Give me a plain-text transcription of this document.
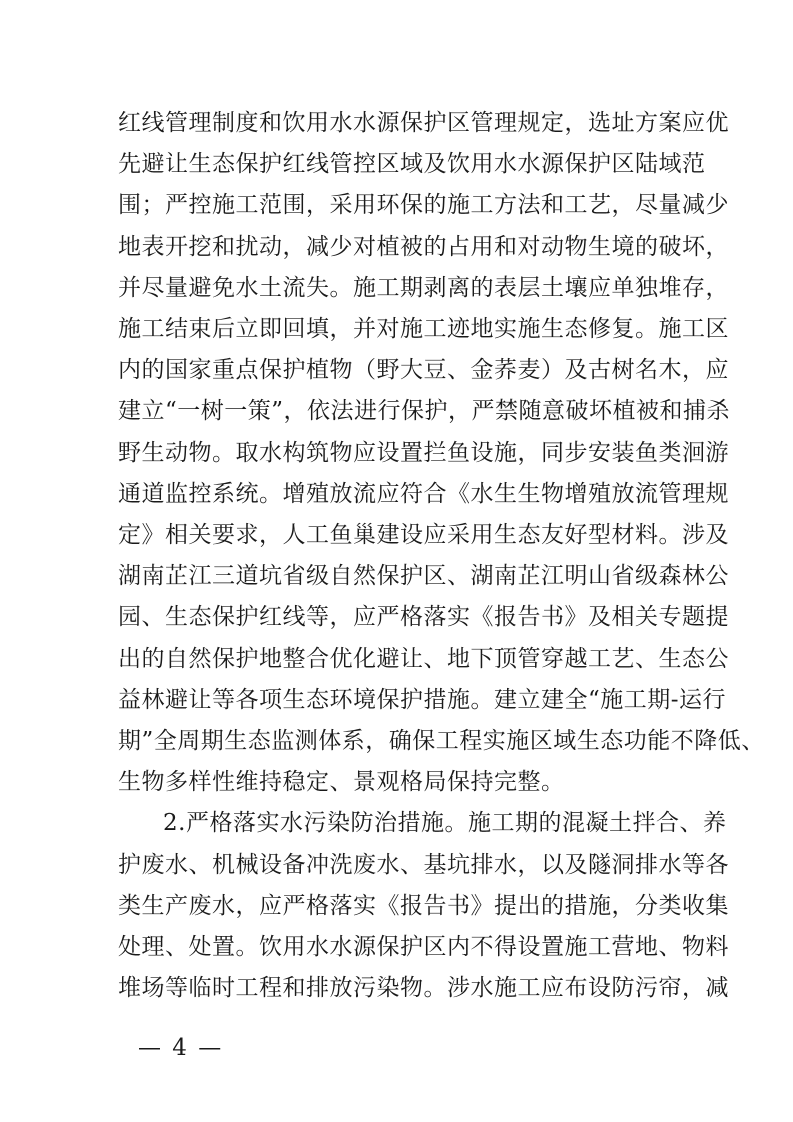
红线管理制度和饮用水水源保护区管理规定，选址方案应优
先避让生态保护红线管控区域及饮用水水源保护区陆域范
围；严控施工范围，采用环保的施工方法和工艺，尽量减少
地表开挖和扰动，减少对植被的占用和对动物生境的破坏，
并尽量避免水土流失。施工期剥离的表层土壤应单独堆存，
施工结束后立即回填，并对施工迹地实施生态修复。施工区
内的国家重点保护植物（野大豆、金荞麦）及古树名木，应
建立“一树一策”，依法进行保护，严禁随意破坏植被和捕杀
野生动物。取水构筑物应设置拦鱼设施，同步安装鱼类洄游
通道监控系统。增殖放流应符合《水生生物增殖放流管理规
定》相关要求，人工鱼巢建设应采用生态友好型材料。涉及
湖南芷江三道坑省级自然保护区、湖南芷江明山省级森林公
园、生态保护红线等，应严格落实《报告书》及相关专题提
出的自然保护地整合优化避让、地下顶管穿越工艺、生态公
益林避让等各项生态环境保护措施。建立建全“施工期-运行
期”全周期生态监测体系，确保工程实施区域生态功能不降低、
生物多样性维持稳定、景观格局保持完整。
2.严格落实水污染防治措施。施工期的混凝土拌合、养
护废水、机械设备冲洗废水、基坑排水，以及隧洞排水等各
类生产废水，应严格落实《报告书》提出的措施，分类收集
处理、处置。饮用水水源保护区内不得设置施工营地、物料
堆场等临时工程和排放污染物。涉水施工应布设防污帘，减
— 4 —
